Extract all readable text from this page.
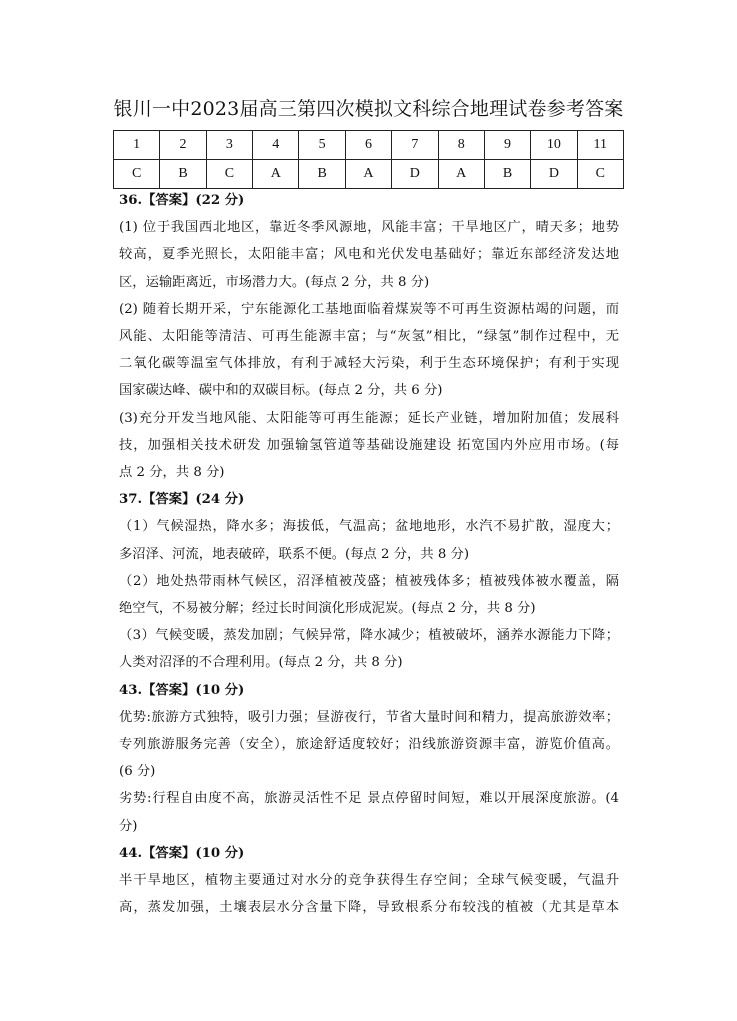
银川一中2023届高三第四次模拟文科综合地理试卷参考答案
1	2	3	4	5	6	7	8	9	10	11
C	B	C	A	B	A	D	A	B	D	C
36.【答案】(22 分)
(1) 位于我国西北地区，靠近冬季风源地，风能丰富；干旱地区广，晴天多；地势
较高，夏季光照长，太阳能丰富；风电和光伏发电基础好；靠近东部经济发达地
区，运输距离近，市场潜力大。(每点 2 分，共 8 分)
(2) 随着长期开采，宁东能源化工基地面临着煤炭等不可再生资源枯竭的问题，而
风能、太阳能等清洁、可再生能源丰富；与“灰氢”相比，“绿氢”制作过程中，无
二氧化碳等温室气体排放，有利于减轻大污染，利于生态环境保护；有利于实现
国家碳达峰、碳中和的双碳目标。(每点 2 分，共 6 分)
(3)充分开发当地风能、太阳能等可再生能源；延长产业链，增加附加值；发展科
技，加强相关技术研发 加强输氢管道等基础设施建设 拓宽国内外应用市场。(每
点 2 分，共 8 分)
37.【答案】(24 分)
（1）气候湿热，降水多；海拔低，气温高；盆地地形，水汽不易扩散，湿度大；
多沼泽、河流，地表破碎，联系不便。(每点 2 分，共 8 分)
（2）地处热带雨林气候区，沼泽植被茂盛；植被残体多；植被残体被水覆盖，隔
绝空气，不易被分解；经过长时间演化形成泥炭。(每点 2 分，共 8 分)
（3）气候变暖，蒸发加剧；气候异常，降水减少；植被破坏，涵养水源能力下降；
人类对沼泽的不合理利用。(每点 2 分，共 8 分)
43.【答案】(10 分)
优势:旅游方式独特，吸引力强；昼游夜行，节省大量时间和精力，提高旅游效率；
专列旅游服务完善（安全），旅途舒适度较好；沿线旅游资源丰富，游览价值高。
(6 分)
劣势:行程自由度不高，旅游灵活性不足 景点停留时间短，难以开展深度旅游。(4
分)
44.【答案】(10 分)
半干旱地区，植物主要通过对水分的竞争获得生存空间；全球气候变暖，气温升
高，蒸发加强，土壤表层水分含量下降，导致根系分布较浅的植被（尤其是草本
